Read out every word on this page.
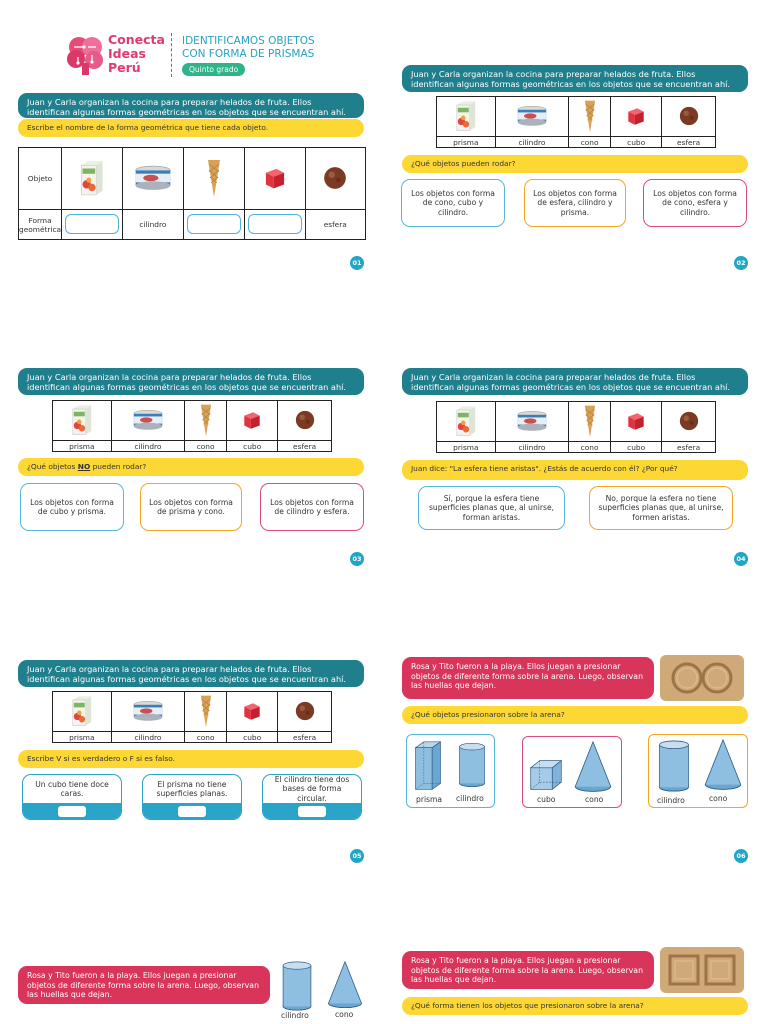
Conecta
Ideas
Perú
IDENTIFICAMOS OBJETOS
CON FORMA DE PRISMAS
Quinto grado
Juan y Carla organizan la cocina para preparar helados de fruta. Ellos identifican algunas formas geométricas en los objetos que se encuentran ahí.
Escribe el nombre de la forma geométrica que tiene cada objeto.
Objeto					
Forma geométrica		cilindro			esfera
01
Juan y Carla organizan la cocina para preparar helados de fruta. Ellos identifican algunas formas geométricas en los objetos que se encuentran ahí.

prisma	cilindro	cono	cubo	esfera
¿Qué objetos pueden rodar?
Los objetos con forma de cono, cubo y cilindro.
Los objetos con forma de esfera, cilindro y prisma.
Los objetos con forma de cono, esfera y cilindro.
02
Juan y Carla organizan la cocina para preparar helados de fruta. Ellos identifican algunas formas geométricas en los objetos que se encuentran ahí.

prisma	cilindro	cono	cubo	esfera
¿Qué objetos NO pueden rodar?
Los objetos con forma de cubo y prisma.
Los objetos con forma de prisma y cono.
Los objetos con forma de cilindro y esfera.
03
Juan y Carla organizan la cocina para preparar helados de fruta. Ellos identifican algunas formas geométricas en los objetos que se encuentran ahí.

prisma	cilindro	cono	cubo	esfera
Juan dice: "La esfera tiene aristas". ¿Estás de acuerdo con él? ¿Por qué?
Sí, porque la esfera tiene superficies planas que, al unirse, forman aristas.
No, porque la esfera no tiene superficies planas que, al unirse, formen aristas.
04
Juan y Carla organizan la cocina para preparar helados de fruta. Ellos identifican algunas formas geométricas en los objetos que se encuentran ahí.

prisma	cilindro	cono	cubo	esfera
Escribe V si es verdadero o F si es falso.
Un cubo tiene doce caras.
El prisma no tiene superficies planas.
El cilindro tiene dos bases de forma circular.
05
Rosa y Tito fueron a la playa. Ellos juegan a presionar objetos de diferente forma sobre la arena. Luego, observan las huellas que dejan.
¿Qué objetos presionaron sobre la arena?
prisma cilindro	cubo	cono	cilindro	cono
06
Rosa y Tito fueron a la playa. Ellos juegan a presionar objetos de diferente forma sobre la arena. Luego, observan las huellas que dejan.
cilindro	cono
Rosa y Tito fueron a la playa. Ellos juegan a presionar objetos de diferente forma sobre la arena. Luego, observan las huellas que dejan.
¿Qué forma tienen los objetos que presionaron sobre la arena?
